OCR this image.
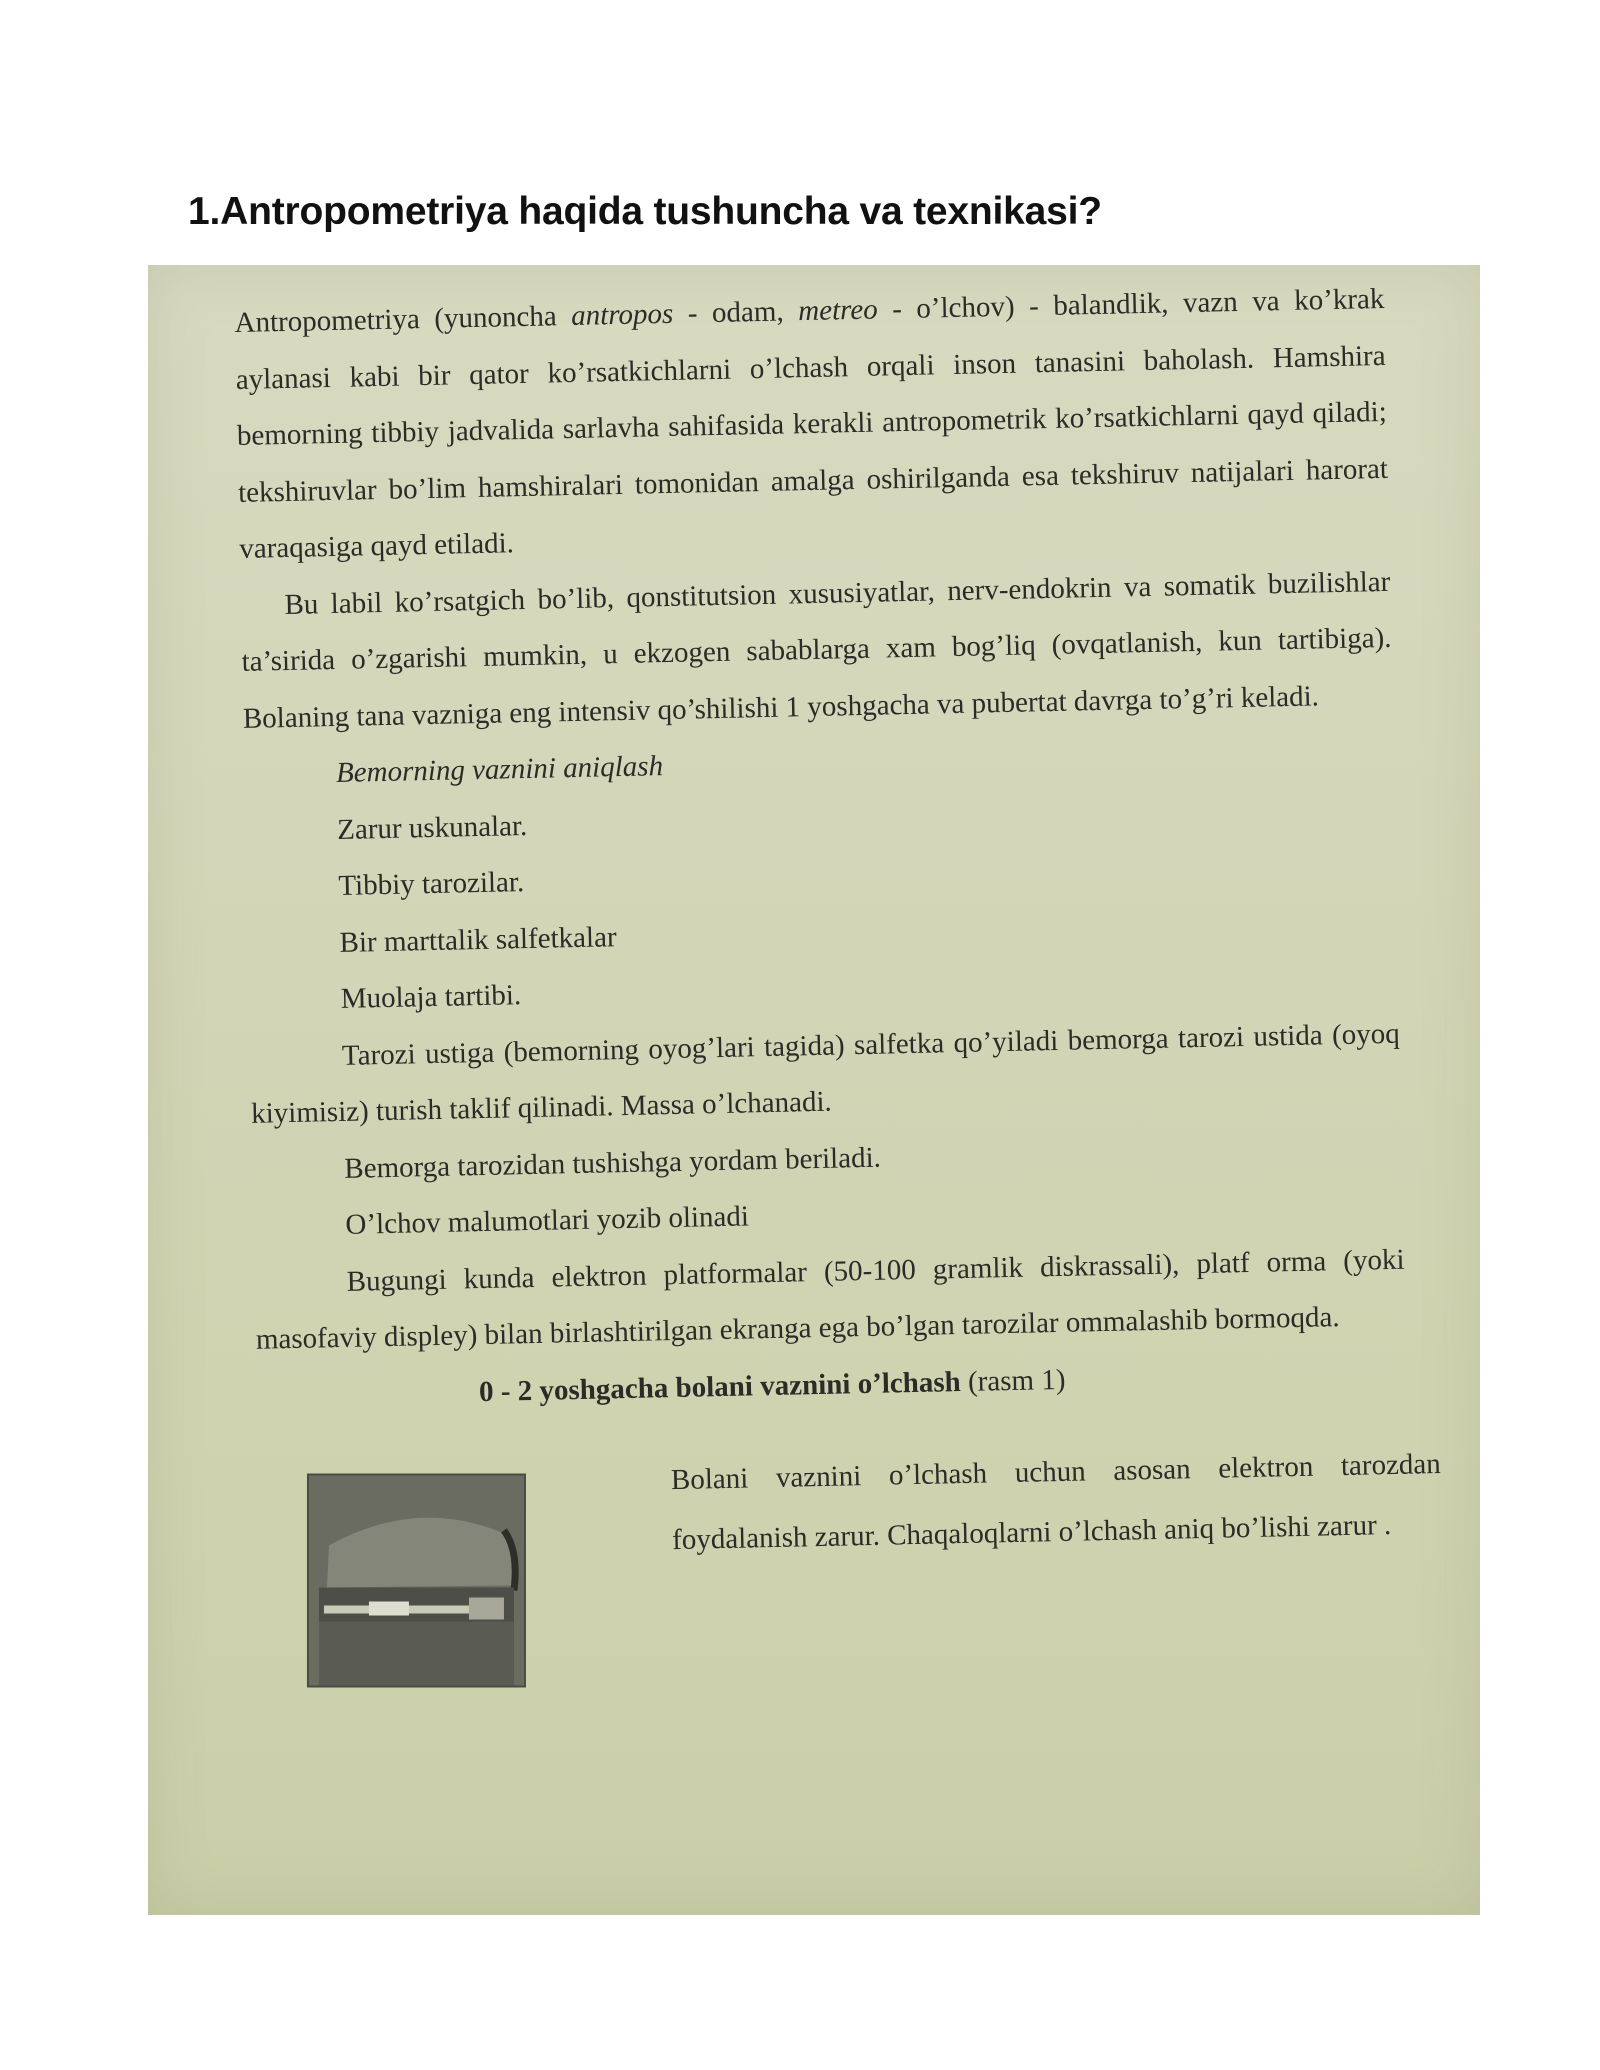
1.Antropometriya haqida tushuncha va texnikasi?

Antropometriya (yunoncha antropos - odam, metreo - o’lchov) - balandlik, vazn va ko’krak aylanasi kabi bir qator ko’rsatkichlarni o’lchash orqali inson tanasini baholash. Hamshira bemorning tibbiy jadvalida sarlavha sahifasida kerakli antropometrik ko’rsatkichlarni qayd qiladi; tekshiruvlar bo’lim hamshiralari tomonidan amalga oshirilganda esa tekshiruv natijalari harorat varaqasiga qayd etiladi.

Bu labil ko’rsatgich bo’lib, qonstitutsion xususiyatlar, nerv-endokrin va somatik buzilishlar ta’sirida o’zgarishi mumkin, u ekzogen sabablarga xam bog’liq (ovqatlanish, kun tartibiga). Bolaning tana vazniga eng intensiv qo’shilishi 1 yoshgacha va pubertat davrga to’g’ri keladi.

Bemorning vaznini aniqlash

Zarur uskunalar.

Tibbiy tarozilar.

Bir marttalik salfetkalar

Muolaja tartibi.

Tarozi ustiga (bemorning oyog’lari tagida) salfetka qo’yiladi bemorga tarozi ustida (oyoq kiyimisiz) turish taklif qilinadi. Massa o’lchanadi.

Bemorga tarozidan tushishga yordam beriladi.

O’lchov malumotlari yozib olinadi

Bugungi kunda elektron platformalar (50-100 gramlik diskrassali), platf orma (yoki masofaviy displey) bilan birlashtirilgan ekranga ega bo’lgan tarozilar ommalashib bormoqda.

0 - 2 yoshgacha bolani vaznini o’lchash (rasm 1)

Bolani vaznini o’lchash uchun asosan elektron tarozdan foydalanish zarur. Chaqaloqlarni o’lchash aniq bo’lishi zarur .
